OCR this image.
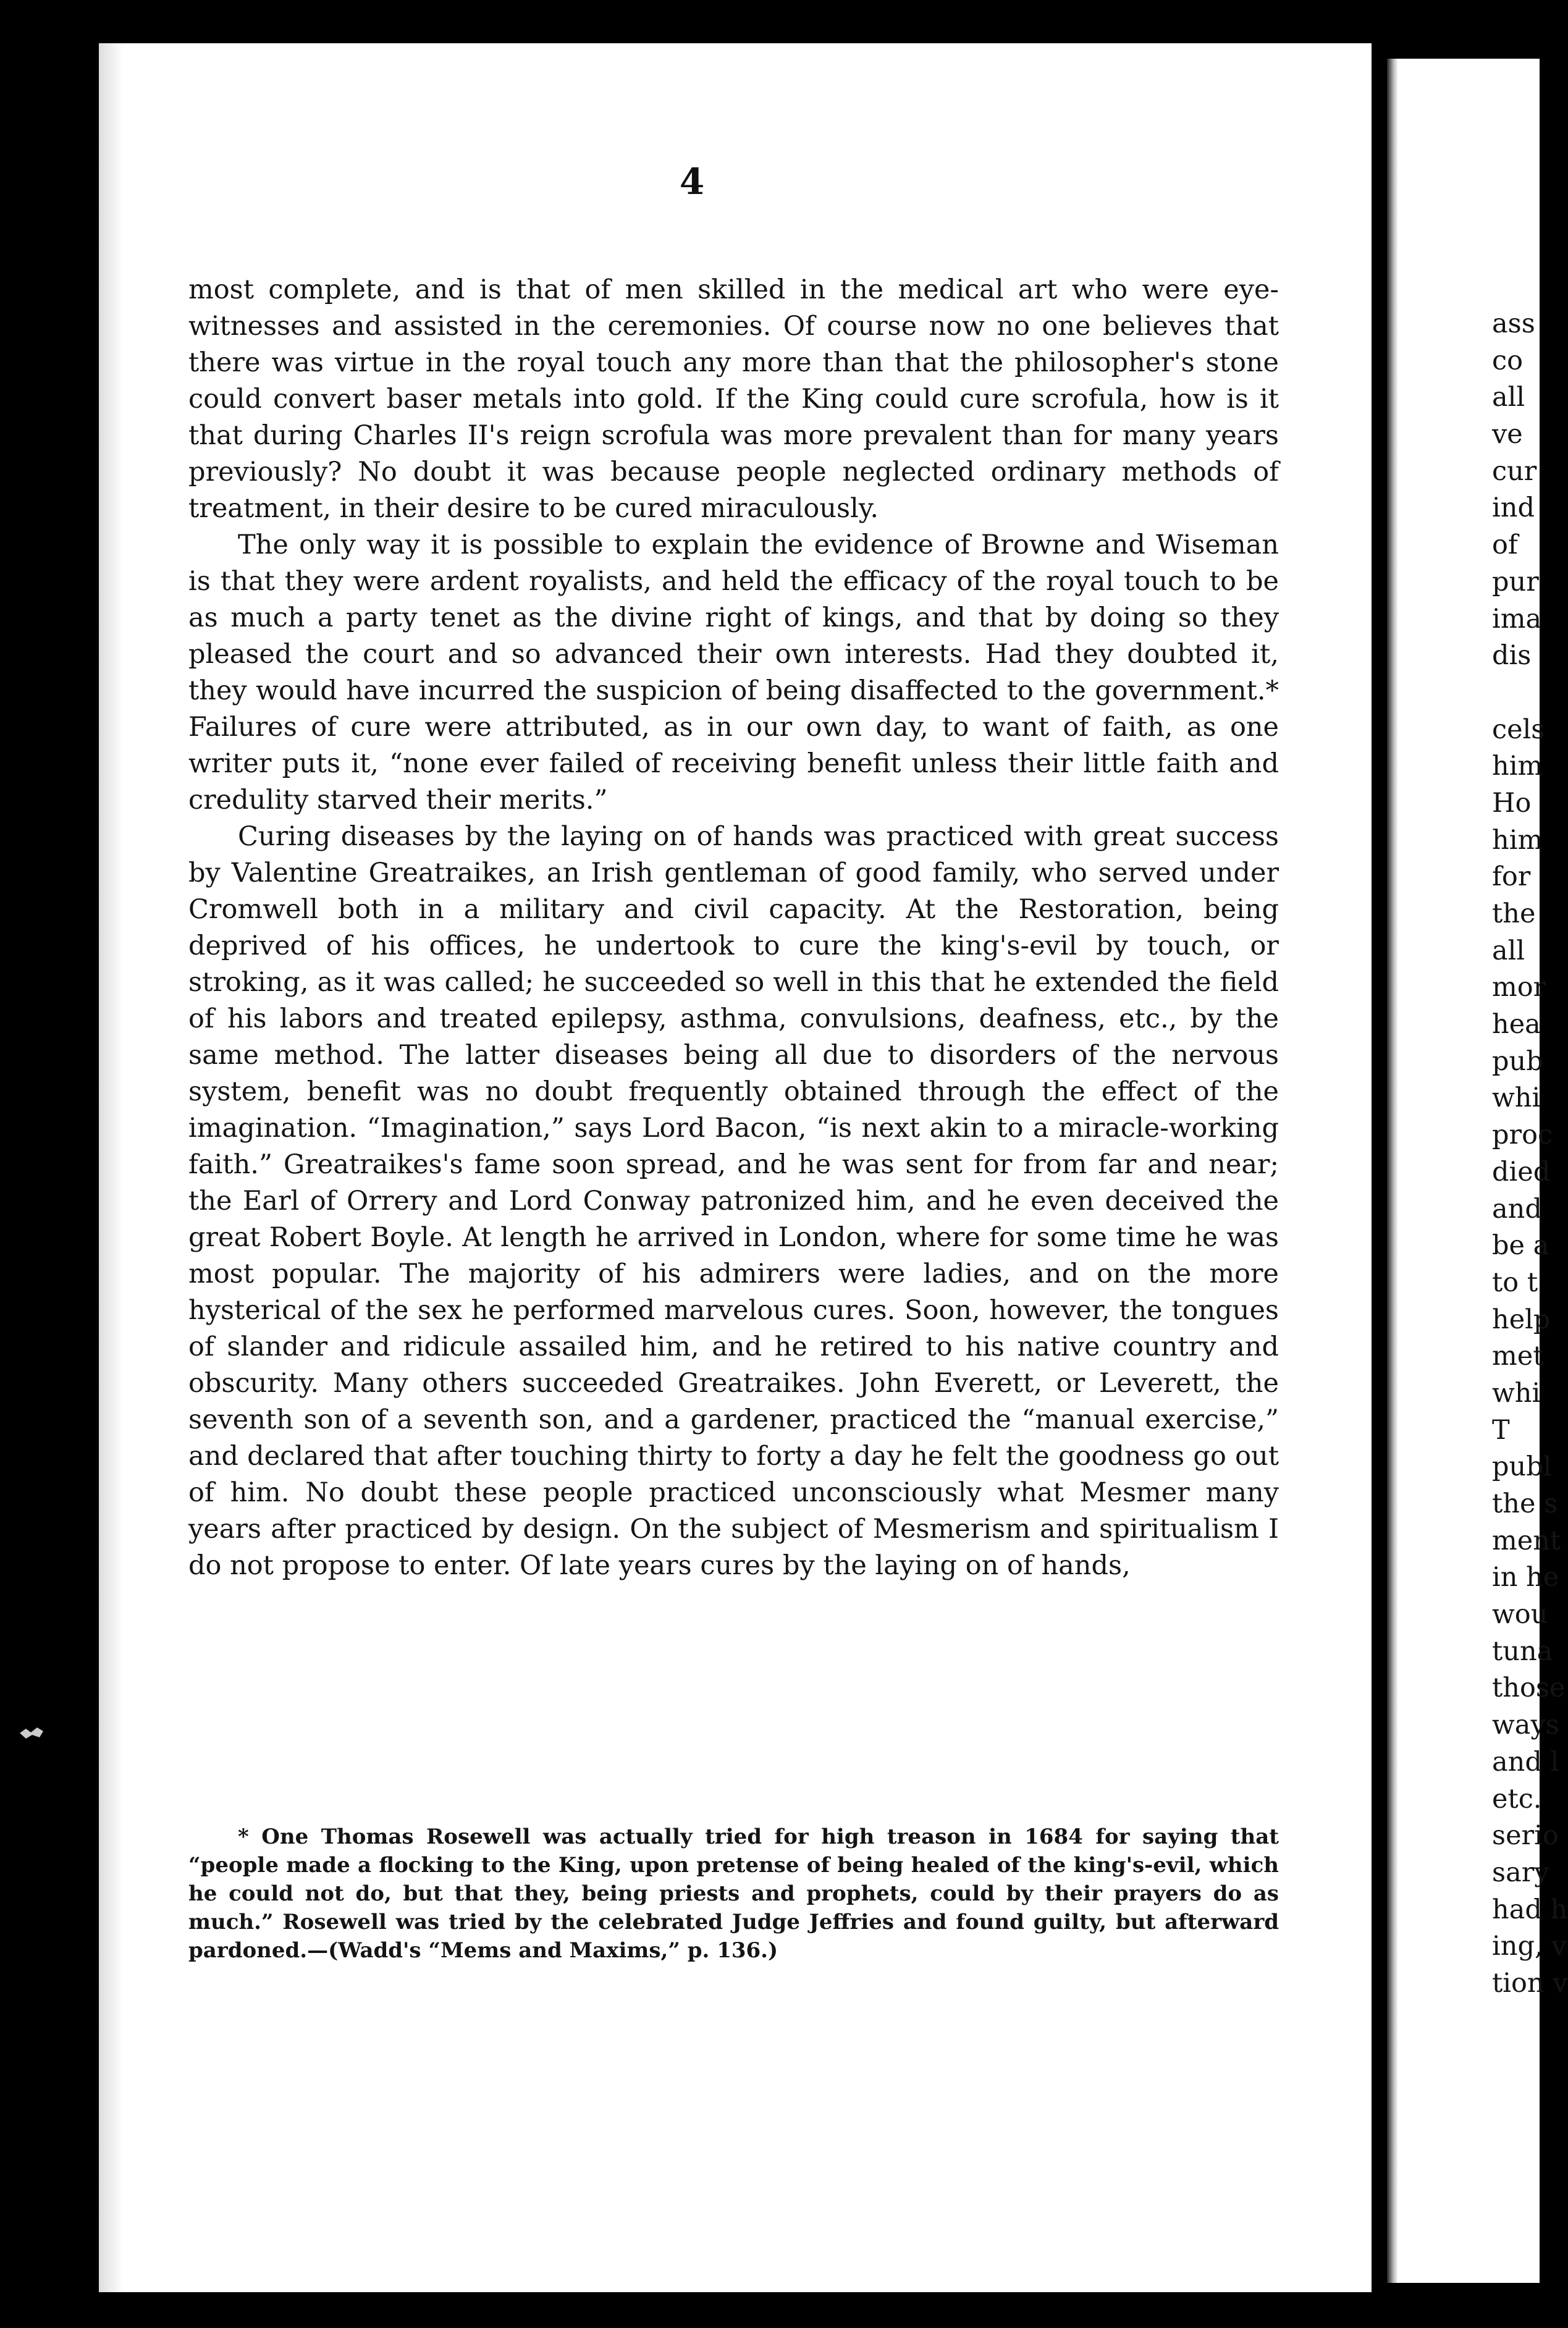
4

most complete, and is that of men skilled in the medical art who were eye-witnesses and assisted in the ceremonies. Of course now no one believes that there was virtue in the royal touch any more than that the philosopher's stone could convert baser metals into gold. If the King could cure scrofula, how is it that during Charles II's reign scrofula was more prevalent than for many years previously? No doubt it was because people neglected ordinary methods of treatment, in their desire to be cured miraculously.

The only way it is possible to explain the evidence of Browne and Wiseman is that they were ardent royalists, and held the efficacy of the royal touch to be as much a party tenet as the divine right of kings, and that by doing so they pleased the court and so advanced their own interests. Had they doubted it, they would have incurred the suspicion of being disaffected to the government.* Failures of cure were attributed, as in our own day, to want of faith, as one writer puts it, “none ever failed of receiving benefit unless their little faith and credulity starved their merits.”

Curing diseases by the laying on of hands was practiced with great success by Valentine Greatraikes, an Irish gentleman of good family, who served under Cromwell both in a military and civil capacity. At the Restoration, being deprived of his offices, he undertook to cure the king's-evil by touch, or stroking, as it was called; he succeeded so well in this that he extended the field of his labors and treated epilepsy, asthma, convulsions, deafness, etc., by the same method. The latter diseases being all due to disorders of the nervous system, benefit was no doubt frequently obtained through the effect of the imagination. “Imagination,” says Lord Bacon, “is next akin to a miracle-working faith.” Greatraikes's fame soon spread, and he was sent for from far and near; the Earl of Orrery and Lord Conway patronized him, and he even deceived the great Robert Boyle. At length he arrived in London, where for some time he was most popular. The majority of his admirers were ladies, and on the more hysterical of the sex he performed marvelous cures. Soon, however, the tongues of slander and ridicule assailed him, and he retired to his native country and obscurity. Many others succeeded Greatraikes. John Everett, or Leverett, the seventh son of a seventh son, and a gardener, practiced the “manual exercise,” and declared that after touching thirty to forty a day he felt the goodness go out of him. No doubt these people practiced unconsciously what Mesmer many years after practiced by design. On the subject of Mesmerism and spiritualism I do not propose to enter. Of late years cures by the laying on of hands,

* One Thomas Rosewell was actually tried for high treason in 1684 for saying that “people made a flocking to the King, upon pretense of being healed of the king's-evil, which he could not do, but that they, being priests and prophets, could by their prayers do as much.” Rosewell was tried by the celebrated Judge Jeffries and found guilty, but afterward pardoned.—(Wadd's “Mems and Maxims,” p. 136.)

ass
co
all
ve
cur
ind
of
pur
ima
dis
cels
him
Ho
him
for
the
all
mor
hea
pub
whi
proc
died
and
be a
to t
help
met
whi
T
publ
the s
ment
in he
wou
tuna
those
ways
and l
etc.
serio
sary
had h
ing, v
tion v
